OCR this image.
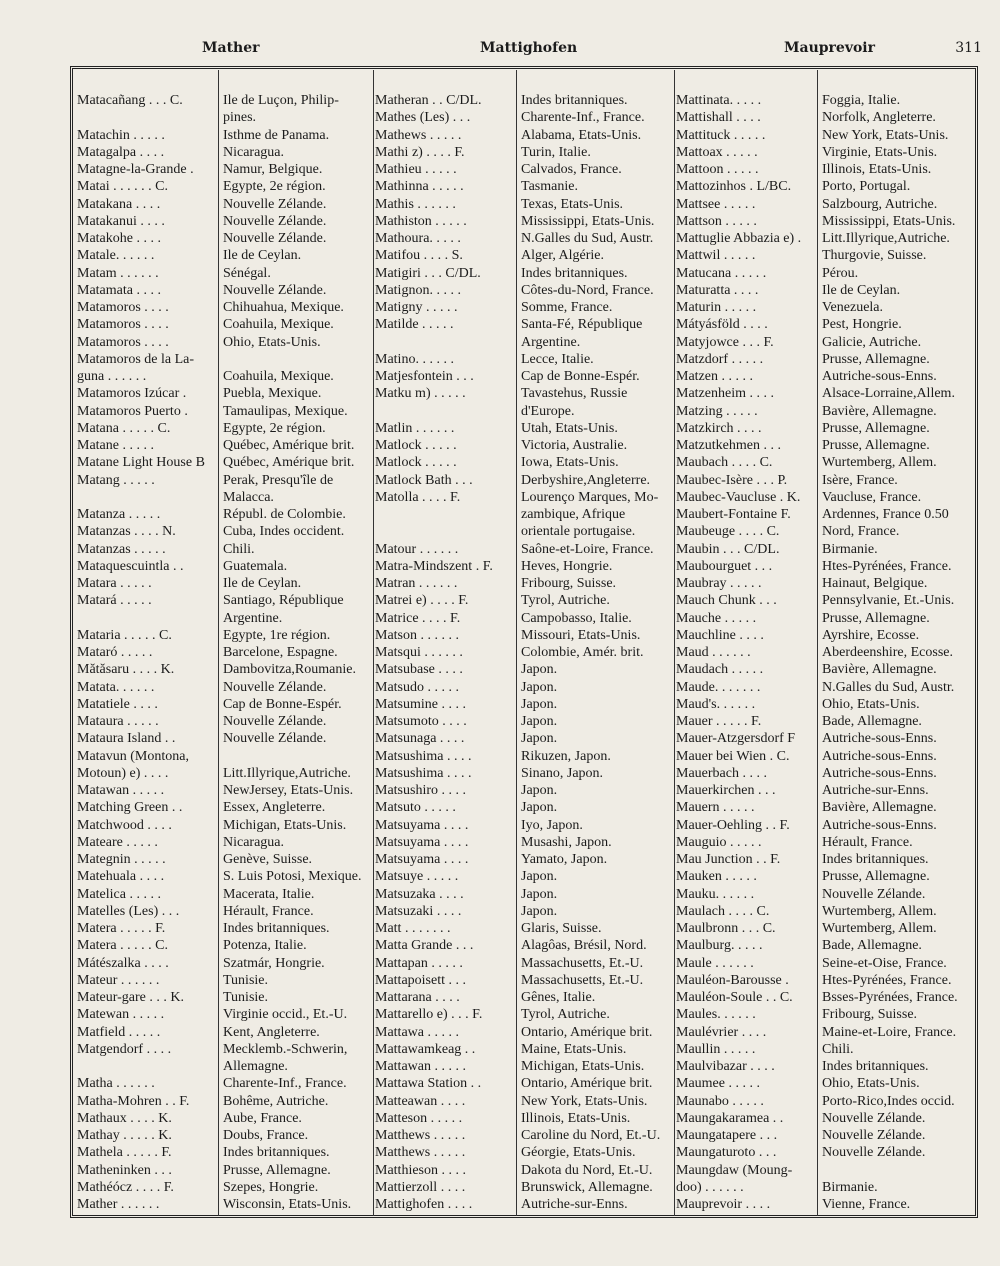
Mather	Mattighofen	Mauprevoir	311
Matacañang . . . C.	Ile de Luçon, Philip-
pines.
Matachin . . . . .	Isthme de Panama.
Matagalpa . . . .	Nicaragua.
Matagne-la-Grande .	Namur, Belgique.
Matai . . . . . . C.	Egypte, 2e région.
Matakana . . . .	Nouvelle Zélande.
Matakanui . . . .	Nouvelle Zélande.
Matakohe . . . .	Nouvelle Zélande.
Matale. . . . . .	Ile de Ceylan.
Matam . . . . . .	Sénégal.
Matamata . . . .	Nouvelle Zélande.
Matamoros . . . .	Chihuahua, Mexique.
Matamoros . . . .	Coahuila, Mexique.
Matamoros . . . .	Ohio, Etats-Unis.
Matamoros de la La-
guna . . . . . .	Coahuila, Mexique.
Matamoros Izúcar .	Puebla, Mexique.
Matamoros Puerto .	Tamaulipas, Mexique.
Matana . . . . . C.	Egypte, 2e région.
Matane . . . . .	Québec, Amérique brit.
Matane Light House B	Québec, Amérique brit.
Matang . . . . .	Perak, Presqu'île de
Malacca.
Matanza . . . . .	Républ. de Colombie.
Matanzas . . . . N.	Cuba, Indes occident.
Matanzas . . . . .	Chili.
Mataquescuintla . .	Guatemala.
Matara . . . . .	Ile de Ceylan.
Matará . . . . .	Santiago, République
Argentine.
Mataria . . . . . C.	Egypte, 1re région.
Mataró . . . . .	Barcelone, Espagne.
Mătăsaru . . . . K.	Dambovitza,Roumanie.
Matata. . . . . .	Nouvelle Zélande.
Matatiele . . . .	Cap de Bonne-Espér.
Mataura . . . . .	Nouvelle Zélande.
Mataura Island . .	Nouvelle Zélande.
Matavun (Montona,
Motoun) e) . . . .	Litt.Illyrique,Autriche.
Matawan . . . . .	NewJersey, Etats-Unis.
Matching Green . .	Essex, Angleterre.
Matchwood . . . .	Michigan, Etats-Unis.
Mateare . . . . .	Nicaragua.
Mategnin . . . . .	Genève, Suisse.
Matehuala . . . .	S. Luis Potosi, Mexique.
Matelica . . . . .	Macerata, Italie.
Matelles (Les) . . .	Hérault, France.
Matera . . . . . F.	Indes britanniques.
Matera . . . . . C.	Potenza, Italie.
Mátészalka . . . .	Szatmár, Hongrie.
Mateur . . . . . .	Tunisie.
Mateur-gare . . . K.	Tunisie.
Matewan . . . . .	Virginie occid., Et.-U.
Matfield . . . . .	Kent, Angleterre.
Matgendorf . . . .	Mecklemb.-Schwerin,
Allemagne.
Matha . . . . . .	Charente-Inf., France.
Matha-Mohren . . F.	Bohême, Autriche.
Mathaux . . . . K.	Aube, France.
Mathay . . . . . K.	Doubs, France.
Mathela . . . . . F.	Indes britanniques.
Matheninken . . .	Prusse, Allemagne.
Mathéócz . . . . F.	Szepes, Hongrie.
Mather . . . . . .	Wisconsin, Etats-Unis.
Matheran . . C/DL.	Indes britanniques.
Mathes (Les) . . .	Charente-Inf., France.
Mathews . . . . .	Alabama, Etats-Unis.
Mathi z) . . . . F.	Turin, Italie.
Mathieu . . . . .	Calvados, France.
Mathinna . . . . .	Tasmanie.
Mathis . . . . . .	Texas, Etats-Unis.
Mathiston . . . . .	Mississippi, Etats-Unis.
Mathoura. . . . .	N.Galles du Sud, Austr.
Matifou . . . . S.	Alger, Algérie.
Matigiri . . . C/DL.	Indes britanniques.
Matignon. . . . .	Côtes-du-Nord, France.
Matigny . . . . .	Somme, France.
Matilde . . . . .	Santa-Fé, République
Argentine.
Matino. . . . . .	Lecce, Italie.
Matjesfontein . . .	Cap de Bonne-Espér.
Matku m) . . . . .	Tavastehus, Russie
d'Europe.
Matlin . . . . . .	Utah, Etats-Unis.
Matlock . . . . .	Victoria, Australie.
Matlock . . . . .	Iowa, Etats-Unis.
Matlock Bath . . .	Derbyshire,Angleterre.
Matolla . . . . F.	Lourenço Marques, Mo-
zambique, Afrique
orientale portugaise.
Matour . . . . . .	Saône-et-Loire, France.
Matra-Mindszent . F.	Heves, Hongrie.
Matran . . . . . .	Fribourg, Suisse.
Matrei e) . . . . F.	Tyrol, Autriche.
Matrice . . . . F.	Campobasso, Italie.
Matson . . . . . .	Missouri, Etats-Unis.
Matsqui . . . . . .	Colombie, Amér. brit.
Matsubase . . . .	Japon.
Matsudo . . . . .	Japon.
Matsumine . . . .	Japon.
Matsumoto . . . .	Japon.
Matsunaga . . . .	Japon.
Matsushima . . . .	Rikuzen, Japon.
Matsushima . . . .	Sinano, Japon.
Matsushiro . . . .	Japon.
Matsuto . . . . .	Japon.
Matsuyama . . . .	Iyo, Japon.
Matsuyama . . . .	Musashi, Japon.
Matsuyama . . . .	Yamato, Japon.
Matsuye . . . . .	Japon.
Matsuzaka . . . .	Japon.
Matsuzaki . . . .	Japon.
Matt . . . . . . .	Glaris, Suisse.
Matta Grande . . .	Alagôas, Brésil, Nord.
Mattapan . . . . .	Massachusetts, Et.-U.
Mattapoisett . . .	Massachusetts, Et.-U.
Mattarana . . . .	Gênes, Italie.
Mattarello e) . . . F.	Tyrol, Autriche.
Mattawa . . . . .	Ontario, Amérique brit.
Mattawamkeag . .	Maine, Etats-Unis.
Mattawan . . . . .	Michigan, Etats-Unis.
Mattawa Station . .	Ontario, Amérique brit.
Matteawan . . . .	New York, Etats-Unis.
Matteson . . . . .	Illinois, Etats-Unis.
Matthews . . . . .	Caroline du Nord, Et.-U.
Matthews . . . . .	Géorgie, Etats-Unis.
Matthieson . . . .	Dakota du Nord, Et.-U.
Mattierzoll . . . .	Brunswick, Allemagne.
Mattighofen . . . .	Autriche-sur-Enns.
Mattinata. . . . .	Foggia, Italie.
Mattishall . . . .	Norfolk, Angleterre.
Mattituck . . . . .	New York, Etats-Unis.
Mattoax . . . . .	Virginie, Etats-Unis.
Mattoon . . . . .	Illinois, Etats-Unis.
Mattozinhos . L/BC.	Porto, Portugal.
Mattsee . . . . .	Salzbourg, Autriche.
Mattson . . . . .	Mississippi, Etats-Unis.
Mattuglie Abbazia e) .	Litt.Illyrique,Autriche.
Mattwil . . . . .	Thurgovie, Suisse.
Matucana . . . . .	Pérou.
Maturatta . . . .	Ile de Ceylan.
Maturin . . . . .	Venezuela.
Mátyásföld . . . .	Pest, Hongrie.
Matyjowce . . . F.	Galicie, Autriche.
Matzdorf . . . . .	Prusse, Allemagne.
Matzen . . . . .	Autriche-sous-Enns.
Matzenheim . . . .	Alsace-Lorraine,Allem.
Matzing . . . . .	Bavière, Allemagne.
Matzkirch . . . .	Prusse, Allemagne.
Matzutkehmen . . .	Prusse, Allemagne.
Maubach . . . . C.	Wurtemberg, Allem.
Maubec-Isère . . . P.	Isère, France.
Maubec-Vaucluse . K.	Vaucluse, France.
Maubert-Fontaine F.	Ardennes, France 0.50
Maubeuge . . . . C.	Nord, France.
Maubin . . . C/DL.	Birmanie.
Maubourguet . . .	Htes-Pyrénées, France.
Maubray . . . . .	Hainaut, Belgique.
Mauch Chunk . . .	Pennsylvanie, Et.-Unis.
Mauche . . . . .	Prusse, Allemagne.
Mauchline . . . .	Ayrshire, Ecosse.
Maud . . . . . .	Aberdeenshire, Ecosse.
Maudach . . . . .	Bavière, Allemagne.
Maude. . . . . . .	N.Galles du Sud, Austr.
Maud's. . . . . .	Ohio, Etats-Unis.
Mauer . . . . . F.	Bade, Allemagne.
Mauer-Atzgersdorf F	Autriche-sous-Enns.
Mauer bei Wien . C.	Autriche-sous-Enns.
Mauerbach . . . .	Autriche-sous-Enns.
Mauerkirchen . . .	Autriche-sur-Enns.
Mauern . . . . .	Bavière, Allemagne.
Mauer-Oehling . . F.	Autriche-sous-Enns.
Mauguio . . . . .	Hérault, France.
Mau Junction . . F.	Indes britanniques.
Mauken . . . . .	Prusse, Allemagne.
Mauku. . . . . .	Nouvelle Zélande.
Maulach . . . . C.	Wurtemberg, Allem.
Maulbronn . . . C.	Wurtemberg, Allem.
Maulburg. . . . .	Bade, Allemagne.
Maule . . . . . .	Seine-et-Oise, France.
Mauléon-Barousse .	Htes-Pyrénées, France.
Mauléon-Soule . . C.	Bsses-Pyrénées, France.
Maules. . . . . .	Fribourg, Suisse.
Maulévrier . . . .	Maine-et-Loire, France.
Maullin . . . . .	Chili.
Maulvibazar . . . .	Indes britanniques.
Maumee . . . . .	Ohio, Etats-Unis.
Maunabo . . . . .	Porto-Rico,Indes occid.
Maungakaramea . .	Nouvelle Zélande.
Maungatapere . . .	Nouvelle Zélande.
Maungaturoto . . .	Nouvelle Zélande.
Maungdaw (Moung-
doo) . . . . . .	Birmanie.
Mauprevoir . . . .	Vienne, France.
